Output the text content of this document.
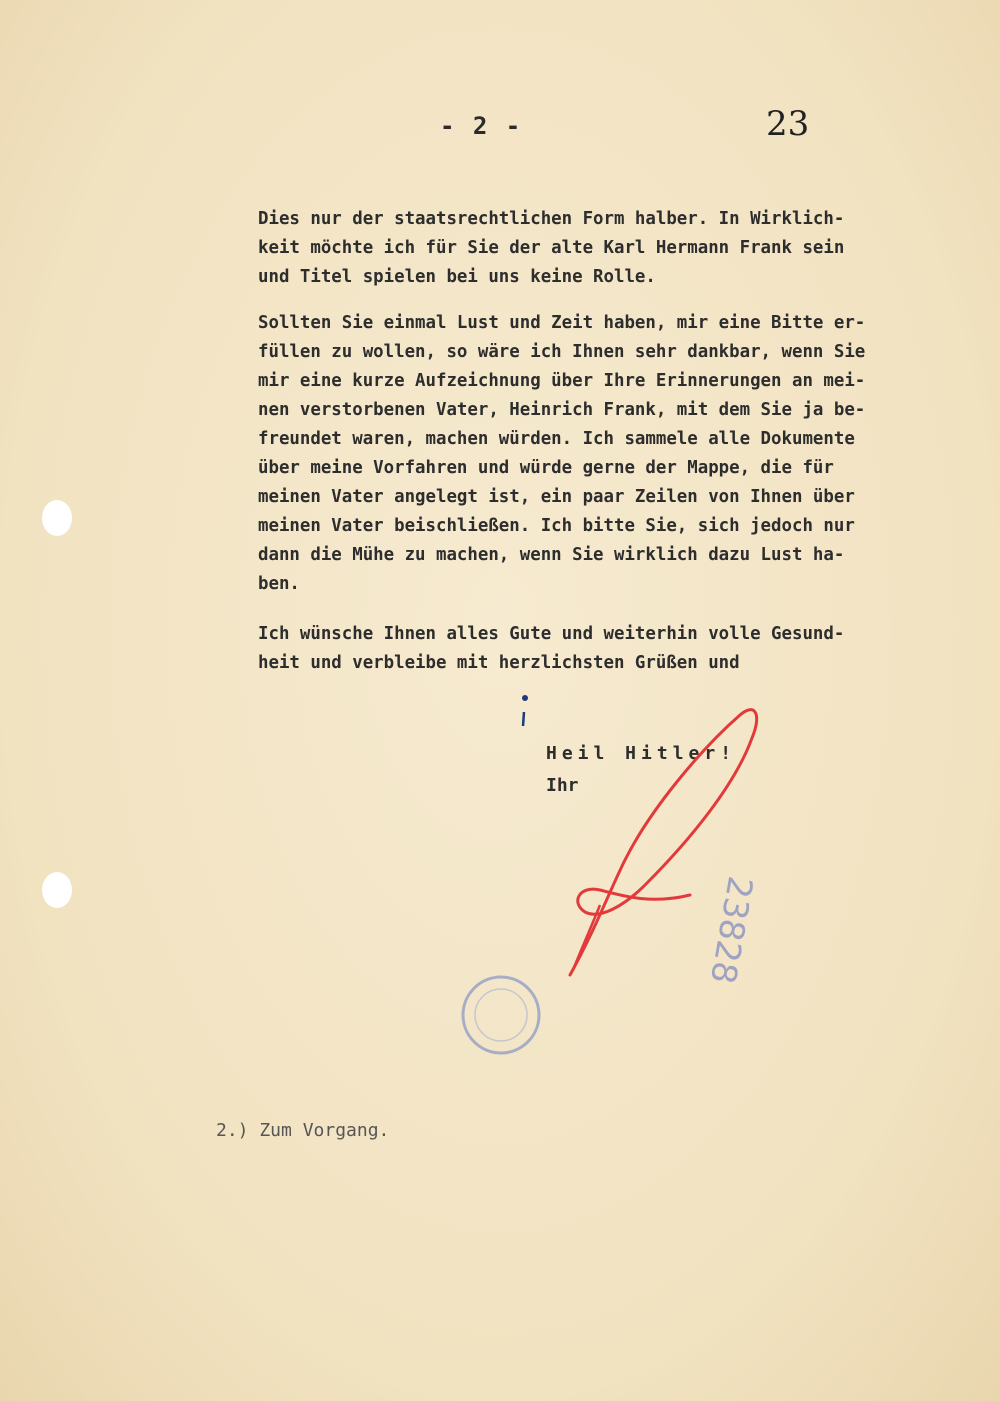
- 2 -	23
Dies nur der staatsrechtlichen Form halber. In Wirklich-
keit möchte ich für Sie der alte Karl Hermann Frank sein
und Titel spielen bei uns keine Rolle.
Sollten Sie einmal Lust und Zeit haben, mir eine Bitte er-
füllen zu wollen, so wäre ich Ihnen sehr dankbar, wenn Sie
mir eine kurze Aufzeichnung über Ihre Erinnerungen an mei-
nen verstorbenen Vater, Heinrich Frank, mit dem Sie ja be-
freundet waren, machen würden. Ich sammele alle Dokumente
über meine Vorfahren und würde gerne der Mappe, die für
meinen Vater angelegt ist, ein paar Zeilen von Ihnen über
meinen Vater beischließen. Ich bitte Sie, sich jedoch nur
dann die Mühe zu machen, wenn Sie wirklich dazu Lust ha-
ben.
Ich wünsche Ihnen alles Gute und weiterhin volle Gesund-
heit und verbleibe mit herzlichsten Grüßen und
Heil Hitler!
Ihr
23828
2.) Zum Vorgang.
